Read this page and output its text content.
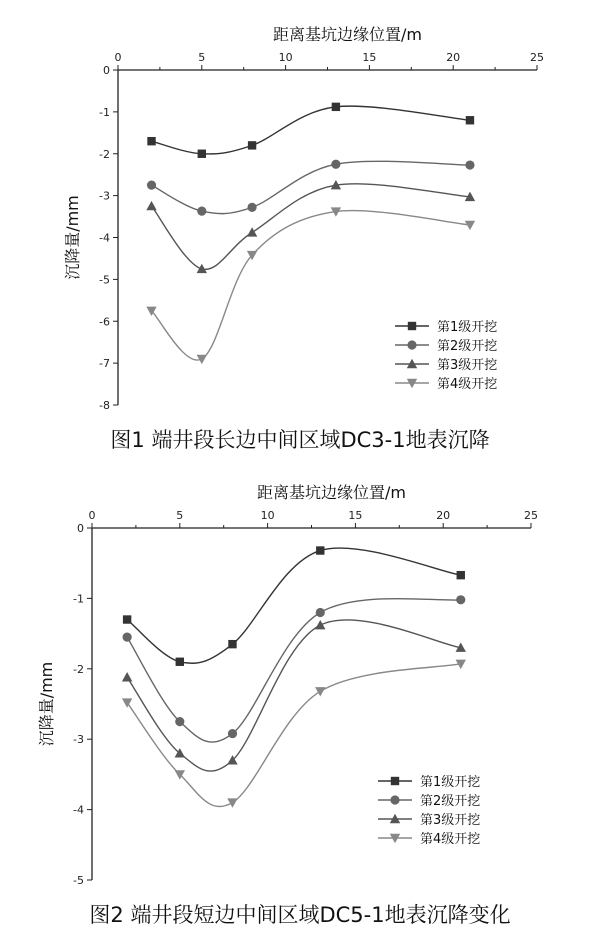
0	5	10	15	20	25
0
-1
-2
-3
-4
-5
-6
-7
-8
距离基坑边缘位置/m
沉降量/mm
第1级开挖
第2级开挖
第3级开挖
第4级开挖
0	5	10	15	20	25
0
-1
-2
-3
-4
-5
距离基坑边缘位置/m
沉降量/mm
第1级开挖
第2级开挖
第3级开挖
第4级开挖
图1 端井段长边中间区域DC3-1地表沉降
图2 端井段短边中间区域DC5-1地表沉降变化
